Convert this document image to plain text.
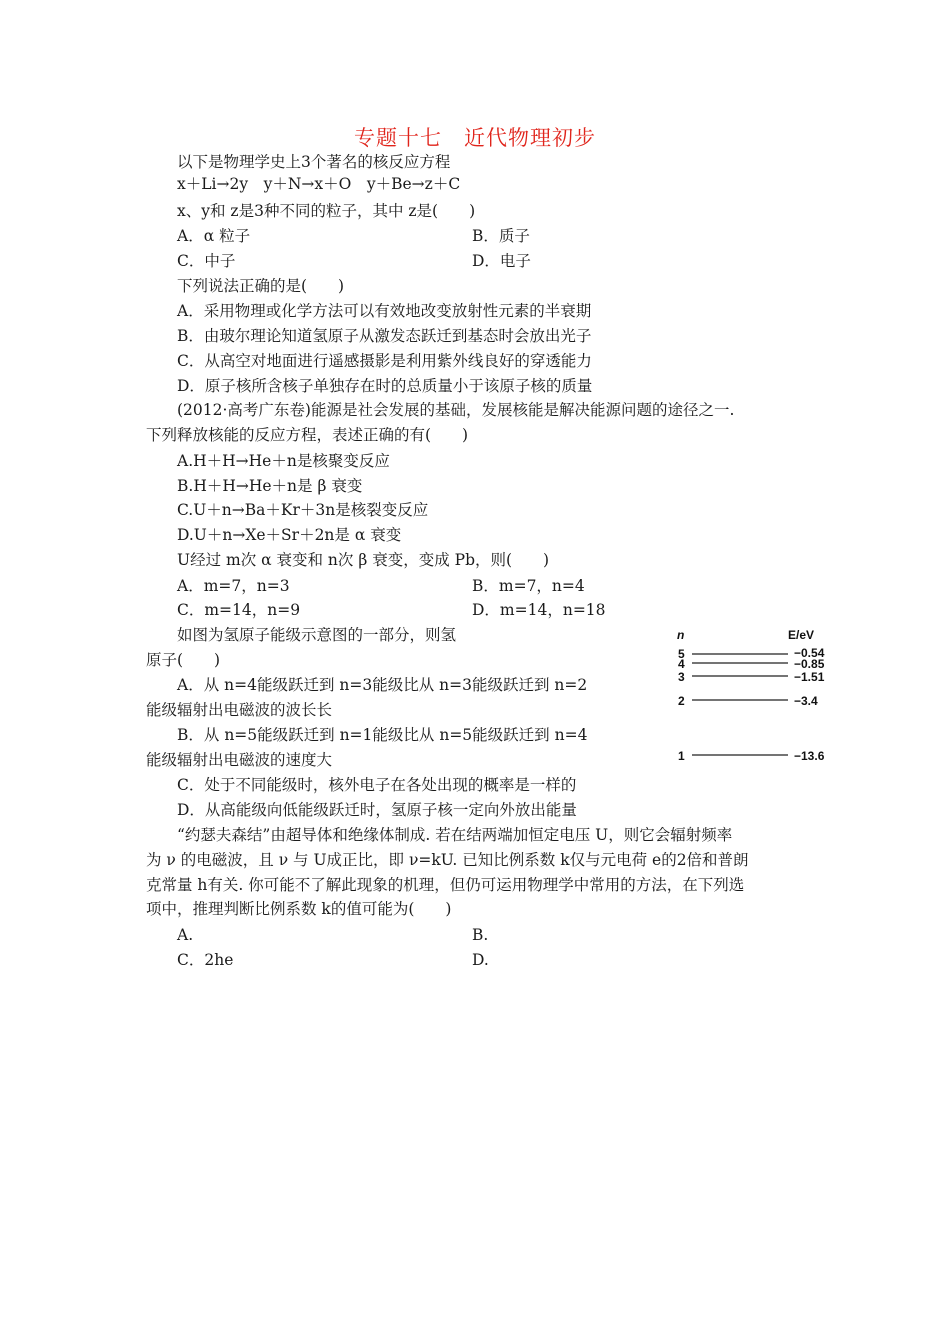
专题十七　近代物理初步
以下是物理学史上3个著名的核反应方程
x＋Li→2y　y＋N→x＋O　y＋Be→z＋C
x、y和 z是3种不同的粒子，其中 z是(　　)
A．α 粒子	B．质子
C．中子	D．电子
下列说法正确的是(　　)
A．采用物理或化学方法可以有效地改变放射性元素的半衰期
B．由玻尔理论知道氢原子从激发态跃迁到基态时会放出光子
C．从高空对地面进行遥感摄影是利用紫外线良好的穿透能力
D．原子核所含核子单独存在时的总质量小于该原子核的质量
(2012·高考广东卷)能源是社会发展的基础，发展核能是解决能源问题的途径之一.
下列释放核能的反应方程，表述正确的有(　　)
A.H＋H→He＋n是核聚变反应
B.H＋H→He＋n是 β 衰变
C.U＋n→Ba＋Kr＋3n是核裂变反应
D.U＋n→Xe＋Sr＋2n是 α 衰变
U经过 m次 α 衰变和 n次 β 衰变，变成 Pb，则(　　)
A．m=7，n=3	B．m=7，n=4
C．m=14，n=9	D．m=14，n=18
如图为氢原子能级示意图的一部分，则氢
原子(　　)
A．从 n=4能级跃迁到 n=3能级比从 n=3能级跃迁到 n=2
能级辐射出电磁波的波长长
B．从 n=5能级跃迁到 n=1能级比从 n=5能级跃迁到 n=4
能级辐射出电磁波的速度大
C．处于不同能级时，核外电子在各处出现的概率是一样的
D．从高能级向低能级跃迁时，氢原子核一定向外放出能量
n	E/eV
5
4
3
2
1
−0.54
−0.85
−1.51
−3.4
−13.6
“约瑟夫森结”由超导体和绝缘体制成. 若在结两端加恒定电压 U，则它会辐射频率
为 ν 的电磁波，且 ν 与 U成正比，即 ν=kU. 已知比例系数 k仅与元电荷 e的2倍和普朗
克常量 h有关. 你可能不了解此现象的机理，但仍可运用物理学中常用的方法，在下列选
项中，推理判断比例系数 k的值可能为(　　)
A.	B.
C．2he	D.
